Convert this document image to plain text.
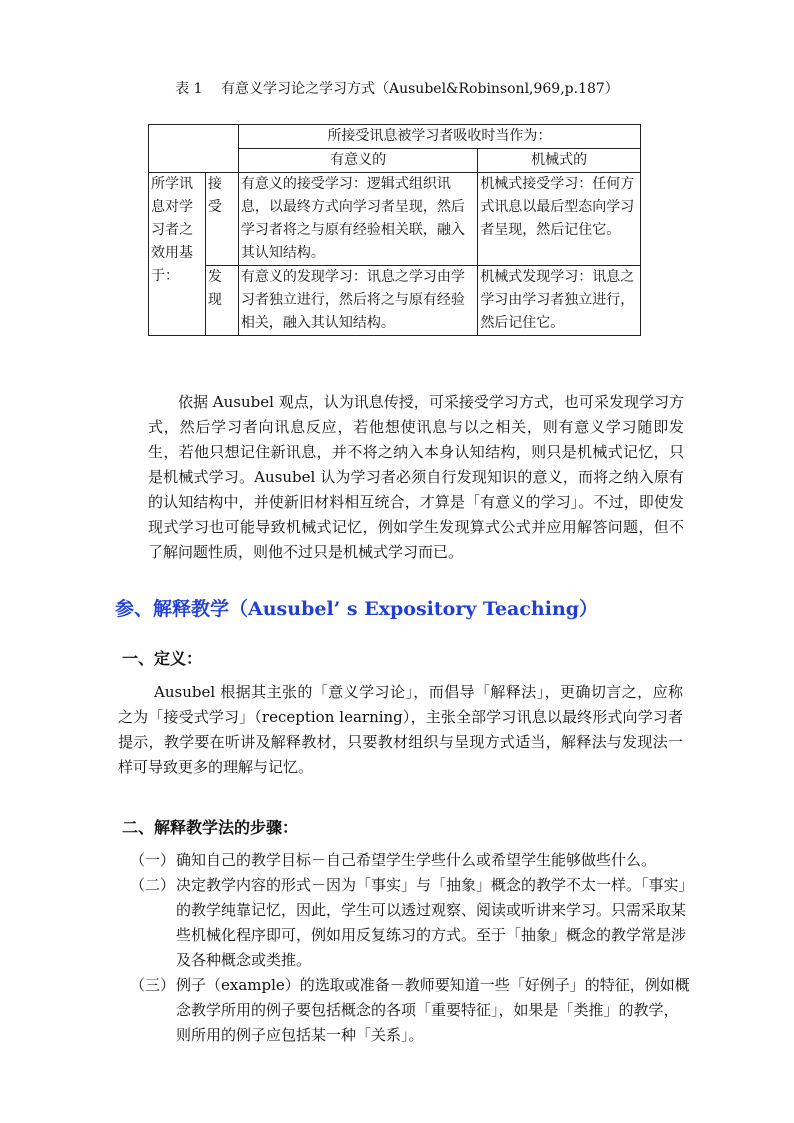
表 1　 有意义学习论之学习方式（Ausubel&Robinsonl,969,p.187）
		所接受讯息被学习者吸收时当作为：	
		有意义的	机械式的
所学讯息对学习者之效用基于：	接受	有意义的接受学习：逻辑式组织讯息，以最终方式向学习者呈现，然后学习者将之与原有经验相关联，融入其认知结构。	机械式接受学习：任何方式讯息以最后型态向学习者呈现，然后记住它。
	发现	有意义的发现学习：讯息之学习由学习者独立进行，然后将之与原有经验相关，融入其认知结构。	机械式发现学习：讯息之学习由学习者独立进行，然后记住它。

依据 Ausubel 观点，认为讯息传授，可采接受学习方式，也可采发现学习方式，然后学习者向讯息反应，若他想使讯息与以之相关，则有意义学习随即发生，若他只想记住新讯息，并不将之纳入本身认知结构，则只是机械式记忆，只是机械式学习。Ausubel 认为学习者必须自行发现知识的意义，而将之纳入原有的认知结构中，并使新旧材料相互统合，才算是「有意义的学习」。不过，即使发现式学习也可能导致机械式记忆，例如学生发现算式公式并应用解答问题，但不了解问题性质，则他不过只是机械式学习而已。

参、解释教学（Ausubel’ s Expository Teaching）
一、定义：

Ausubel 根据其主张的「意义学习论」，而倡导「解释法」，更确切言之，应称之为「接受式学习」（reception learning），主张全部学习讯息以最终形式向学习者提示，教学要在听讲及解释教材，只要教材组织与呈现方式适当，解释法与发现法一样可导致更多的理解与记忆。

二、解释教学法的步骤：
（一） 确知自己的教学目标－自己希望学生学些什么或希望学生能够做些什么。
（二） 决定教学内容的形式－因为「事实」与「抽象」概念的教学不太一样。「事实」的教学纯靠记忆，因此，学生可以透过观察、阅读或听讲来学习。只需采取某些机械化程序即可，例如用反复练习的方式。至于「抽象」概念的教学常是涉及各种概念或类推。
（三） 例子（example）的选取或准备－教师要知道一些「好例子」的特征，例如概念教学所用的例子要包括概念的各项「重要特征」，如果是「类推」的教学，则所用的例子应包括某一种「关系」。
